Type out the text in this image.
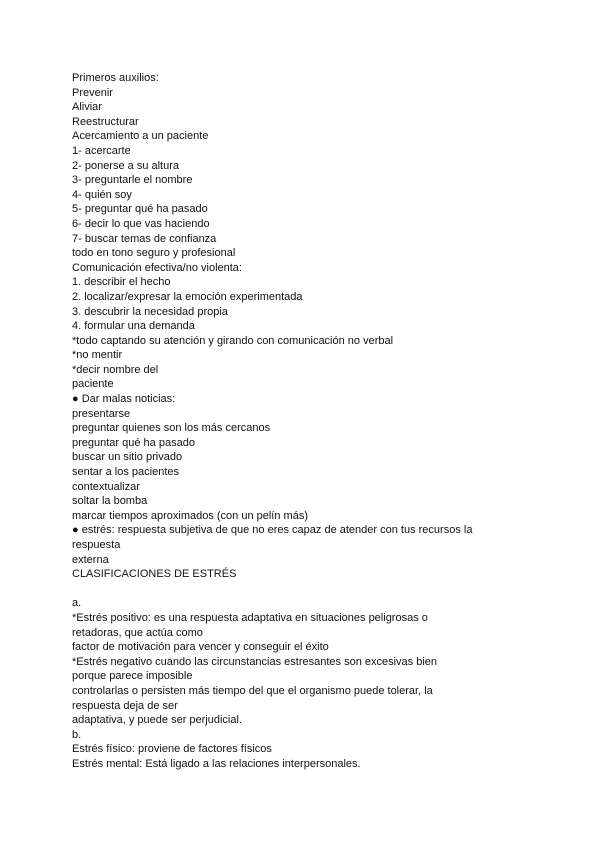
Primeros auxilios:
Prevenir
Aliviar
Reestructurar
Acercamiento a un paciente
1- acercarte
2- ponerse a su altura
3- preguntarle el nombre
4- quién soy
5- preguntar qué ha pasado
6- decir lo que vas haciendo
7- buscar temas de confianza
todo en tono seguro y profesional
Comunicación efectiva/no violenta:
1. describir el hecho
2. localizar/expresar la emoción experimentada
3. descubrir la necesidad propia
4. formular una demanda
*todo captando su atención y girando con comunicación no verbal
*no mentir
*decir nombre del
paciente
● Dar malas noticias:
presentarse
preguntar quienes son los más cercanos
preguntar qué ha pasado
buscar un sitio privado
sentar a los pacientes
contextualizar
soltar la bomba
marcar tiempos aproximados (con un pelín más)
● estrés: respuesta subjetiva de que no eres capaz de atender con tus recursos la
respuesta
externa
CLASIFICACIONES DE ESTRÉS
a.
*Estrés positivo: es una respuesta adaptativa en situaciones peligrosas o
retadoras, que actúa como
factor de motivación para vencer y conseguir el éxito
*Estrés negativo cuando las circunstancias estresantes son excesivas bien
porque parece imposible
controlarlas o persisten más tiempo del que el organismo puede tolerar, la
respuesta deja de ser
adaptativa, y puede ser perjudicial.
b.
Estrés físico: proviene de factores físicos
Estrés mental: Está ligado a las relaciones interpersonales.
